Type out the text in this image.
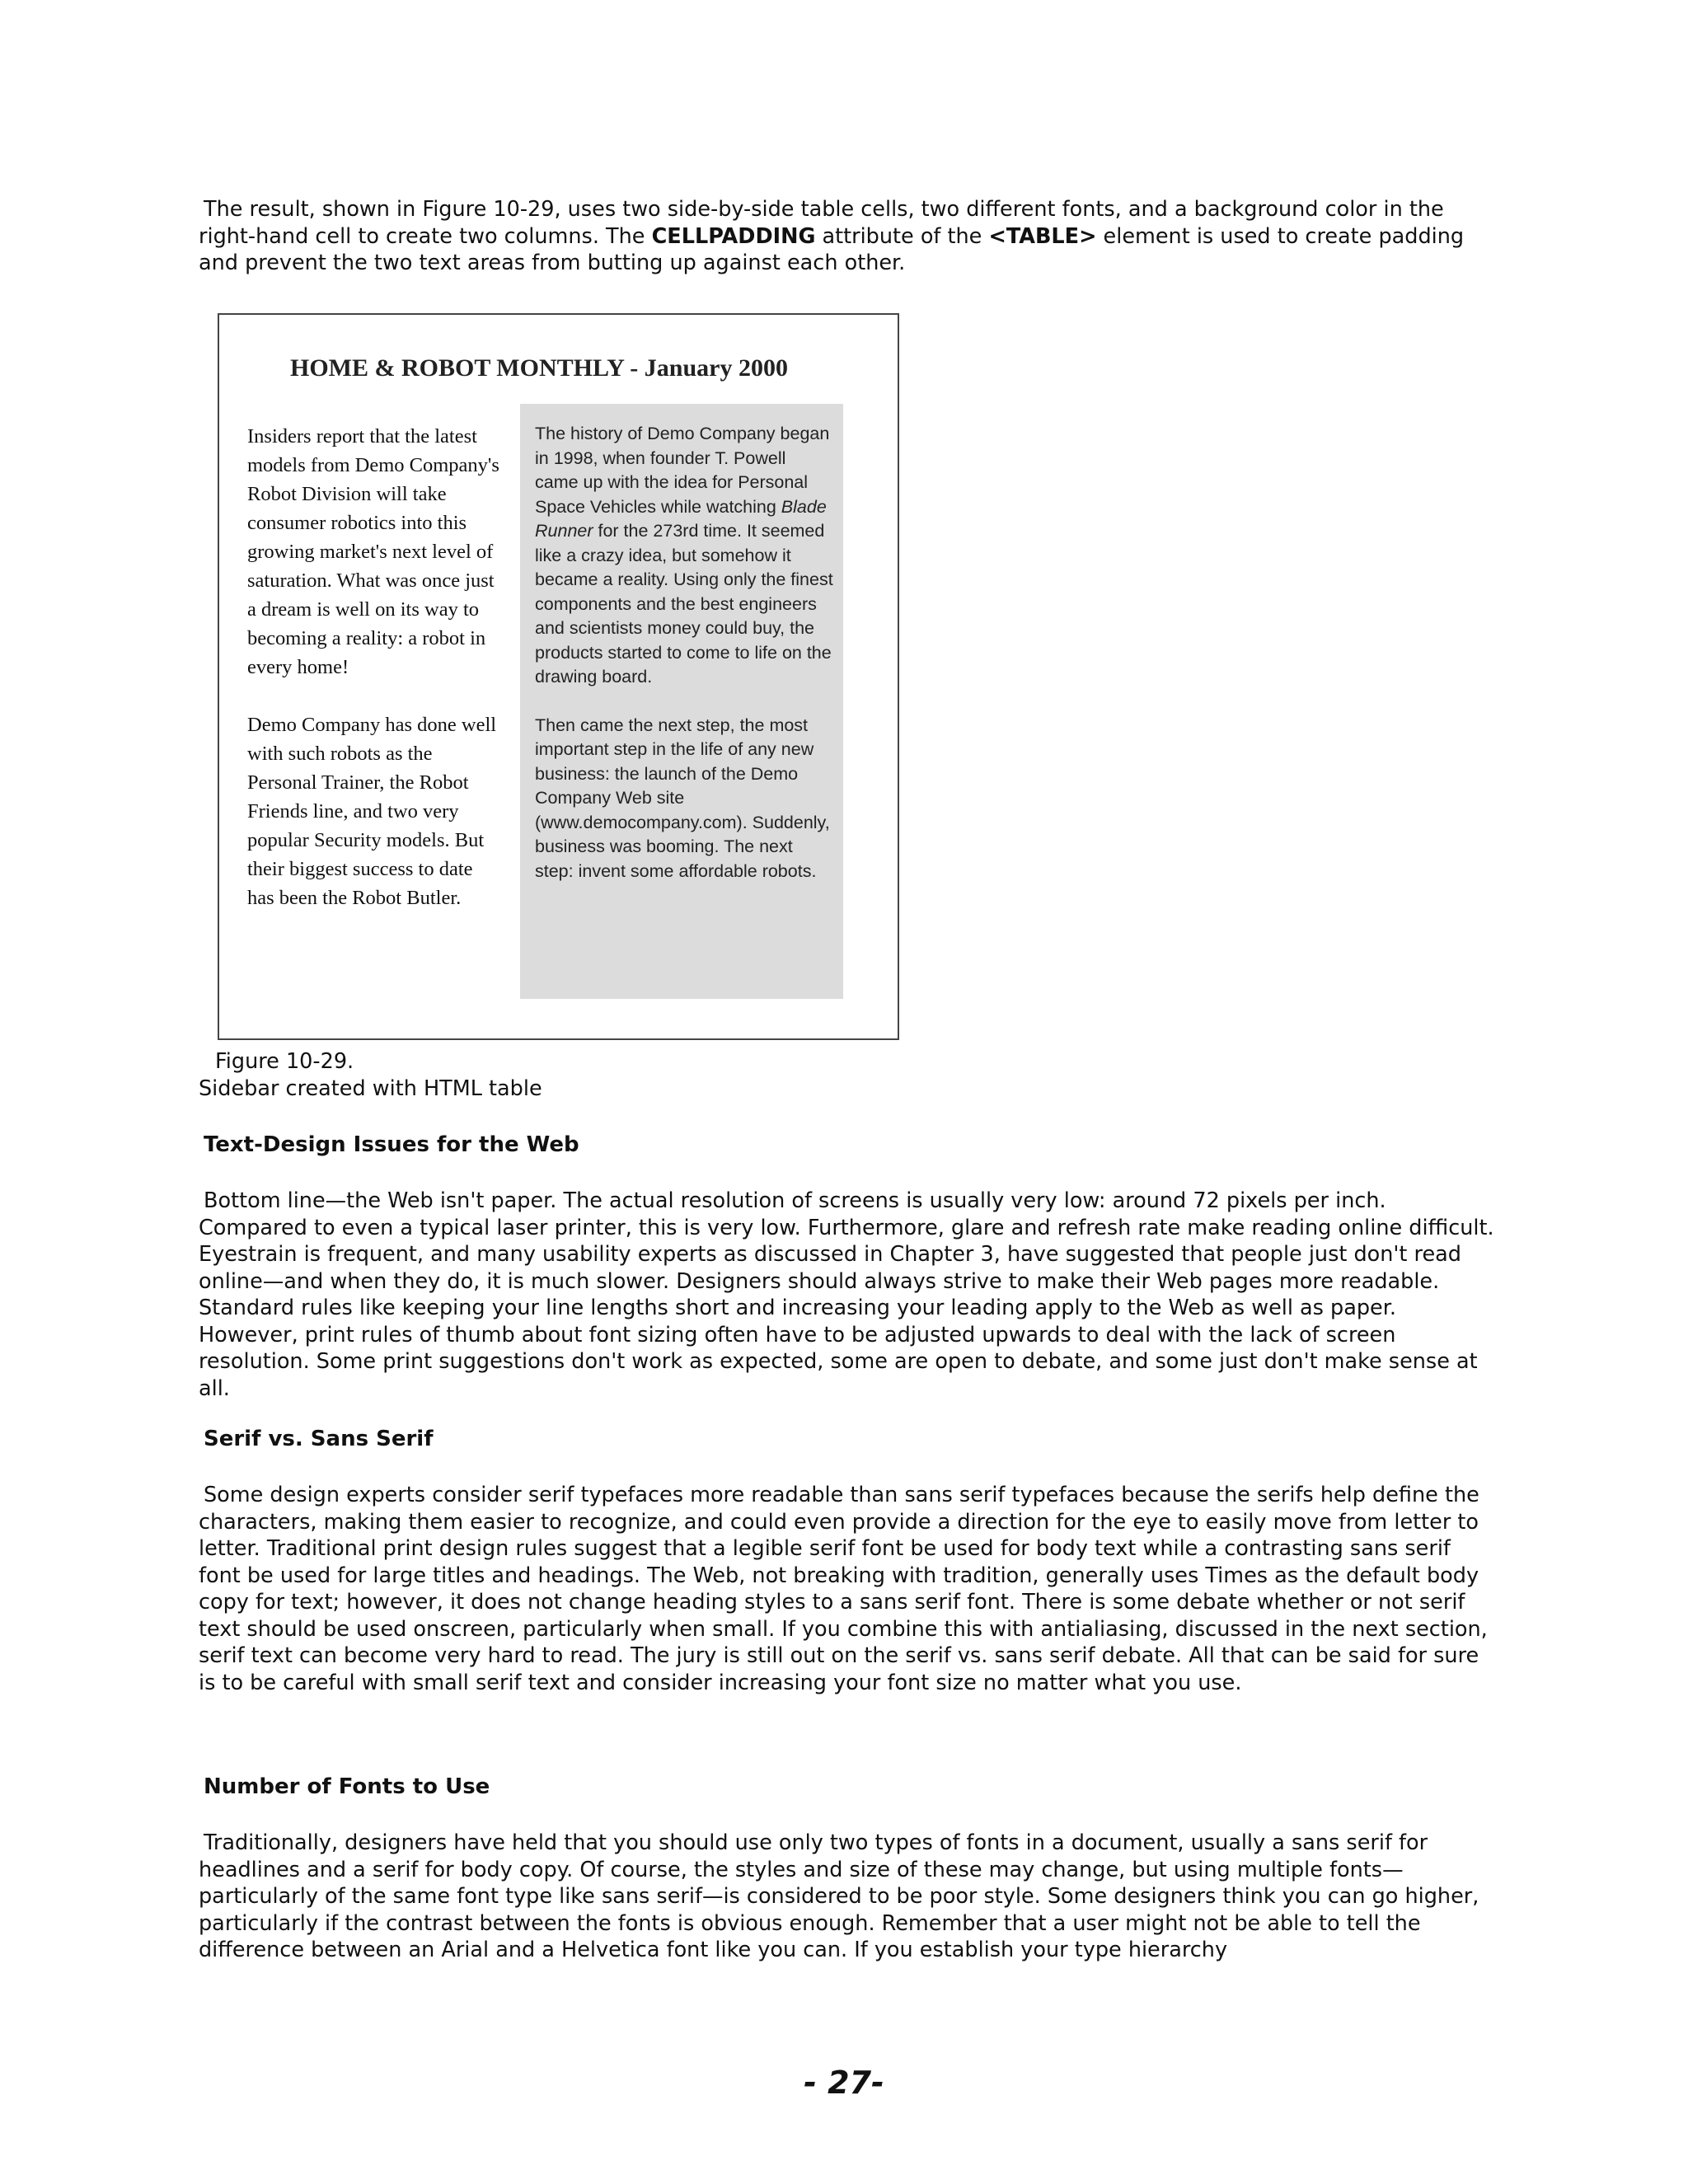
The result, shown in Figure 10-29, uses two side-by-side table cells, two different fonts, and a background color in the right-hand cell to create two columns. The CELLPADDING attribute of the <TABLE> element is used to create padding and prevent the two text areas from butting up against each other.

HOME & ROBOT MONTHLY - January 2000

Insiders report that the latest models from Demo Company's Robot Division will take consumer robotics into this growing market's next level of saturation. What was once just a dream is well on its way to becoming a reality: a robot in every home!

Demo Company has done well with such robots as the Personal Trainer, the Robot Friends line, and two very popular Security models. But their biggest success to date has been the Robot Butler.

The history of Demo Company began in 1998, when founder T. Powell came up with the idea for Personal Space Vehicles while watching Blade Runner for the 273rd time. It seemed like a crazy idea, but somehow it became a reality. Using only the finest components and the best engineers and scientists money could buy, the products started to come to life on the drawing board.

Then came the next step, the most important step in the life of any new business: the launch of the Demo Company Web site (www.democompany.com). Suddenly, business was booming. The next step: invent some affordable robots.

Figure 10-29.
Sidebar created with HTML table
Text-Design Issues for the Web

Bottom line—the Web isn't paper. The actual resolution of screens is usually very low: around 72 pixels per inch. Compared to even a typical laser printer, this is very low. Furthermore, glare and refresh rate make reading online difficult. Eyestrain is frequent, and many usability experts as discussed in Chapter 3, have suggested that people just don't read online—and when they do, it is much slower. Designers should always strive to make their Web pages more readable. Standard rules like keeping your line lengths short and increasing your leading apply to the Web as well as paper. However, print rules of thumb about font sizing often have to be adjusted upwards to deal with the lack of screen resolution. Some print suggestions don't work as expected, some are open to debate, and some just don't make sense at all.

Serif vs. Sans Serif

Some design experts consider serif typefaces more readable than sans serif typefaces because the serifs help define the characters, making them easier to recognize, and could even provide a direction for the eye to easily move from letter to letter. Traditional print design rules suggest that a legible serif font be used for body text while a contrasting sans serif font be used for large titles and headings. The Web, not breaking with tradition, generally uses Times as the default body copy for text; however, it does not change heading styles to a sans serif font. There is some debate whether or not serif text should be used onscreen, particularly when small. If you combine this with antialiasing, discussed in the next section, serif text can become very hard to read. The jury is still out on the serif vs. sans serif debate. All that can be said for sure is to be careful with small serif text and consider increasing your font size no matter what you use.

Number of Fonts to Use

Traditionally, designers have held that you should use only two types of fonts in a document, usually a sans serif for headlines and a serif for body copy. Of course, the styles and size of these may change, but using multiple fonts—particularly of the same font type like sans serif—is considered to be poor style. Some designers think you can go higher, particularly if the contrast between the fonts is obvious enough. Remember that a user might not be able to tell the difference between an Arial and a Helvetica font like you can. If you establish your type hierarchy

- 27-
